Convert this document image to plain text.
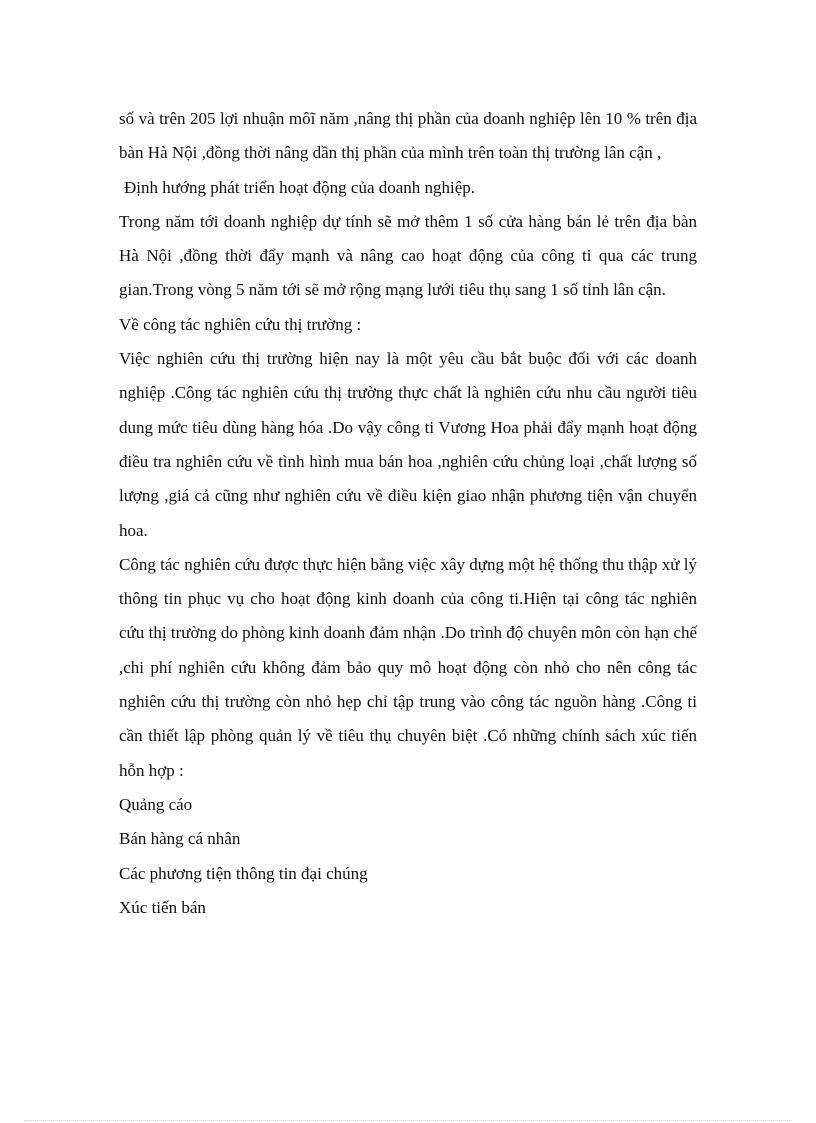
số và trên 205 lợi nhuận môĩ năm ,nâng thị phần của doanh nghiệp lên 10 % trên địa bàn Hà Nội ,đồng thời nâng dần thị phần của mình trên toàn thị trường lân cận ,

Định hướng phát triển hoạt động của doanh nghiệp.

Trong năm tới doanh nghiệp dự tính sẽ mở thêm 1 số cửa hàng bán lẻ trên địa bàn Hà Nội ,đồng thời đẩy mạnh và nâng cao hoạt động của công ti qua các trung gian.Trong vòng 5 năm tới sẽ mở rộng mạng lưới tiêu thụ sang 1 số tỉnh lân cận.

Về công tác nghiên cứu thị trường :

Việc nghiên cứu thị trường hiện nay là một yêu cầu bắt buộc đối với các doanh nghiệp .Công tác nghiên cứu thị trường thực chất là nghiên cứu nhu cầu người tiêu dung mức tiêu dùng hàng hóa .Do vậy công ti Vương Hoa phải đẩy mạnh hoạt động điều tra nghiên cứu về tình hình mua bán hoa ,nghiên cứu chủng loại ,chất lượng số lượng ,giá cả cũng như nghiên cứu về điều kiện giao nhận phương tiện vận chuyển hoa.

Công tác nghiên cứu được thực hiện bằng việc xây dựng một hệ thống thu thập xử lý thông tin phục vụ cho hoạt động kinh doanh của công ti.Hiện tại công tác nghiên cứu thị trường do phòng kinh doanh đảm nhận .Do trình độ chuyên môn còn hạn chế ,chi phí nghiên cứu không đảm bảo quy mô hoạt động còn nhỏ cho nên công tác nghiên cứu thị trường còn nhỏ hẹp chỉ tập trung vào công tác nguồn hàng .Công ti cần thiết lập phòng quản lý về tiêu thụ chuyên biệt .Có những chính sách xúc tiến hỗn hợp :

Quảng cáo

Bán hàng cá nhân

Các phương tiện thông tin đại chúng

Xúc tiến bán
